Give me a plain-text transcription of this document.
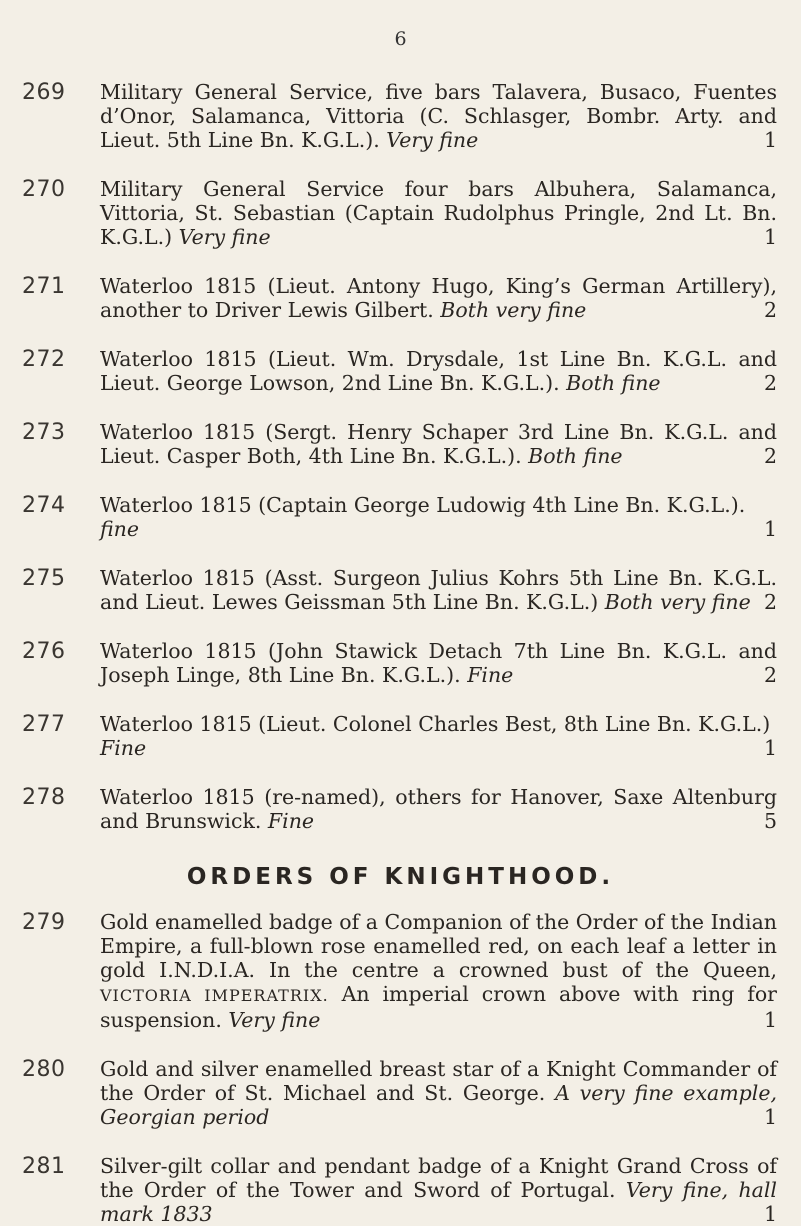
6
269 Military General Service, five bars Talavera, Busaco, Fuentes d’Onor, Salamanca, Vittoria (C. Schlasger, Bombr. Arty. and Lieut. 5th Line Bn. K.G.L.). Very fine	1
270 Military General Service four bars Albuhera, Salamanca, Vittoria, St. Sebastian (Captain Rudolphus Pringle, 2nd Lt. Bn. K.G.L.) Very fine	1
271 Waterloo 1815 (Lieut. Antony Hugo, King’s German Artillery), another to Driver Lewis Gilbert. Both very fine	2
272 Waterloo 1815 (Lieut. Wm. Drysdale, 1st Line Bn. K.G.L. and Lieut. George Lowson, 2nd Line Bn. K.G.L.). Both fine	2
273 Waterloo 1815 (Sergt. Henry Schaper 3rd Line Bn. K.G.L. and Lieut. Casper Both, 4th Line Bn. K.G.L.). Both fine	2
274 Waterloo 1815 (Captain George Ludowig 4th Line Bn. K.G.L.).
fine	1
275 Waterloo 1815 (Asst. Surgeon Julius Kohrs 5th Line Bn. K.G.L. and Lieut. Lewes Geissman 5th Line Bn. K.G.L.) Both very fine 2
276 Waterloo 1815 (John Stawick Detach 7th Line Bn. K.G.L. and Joseph Linge, 8th Line Bn. K.G.L.). Fine	2
277 Waterloo 1815 (Lieut. Colonel Charles Best, 8th Line Bn. K.G.L.)
Fine	1
278 Waterloo 1815 (re-named), others for Hanover, Saxe Altenburg and Brunswick. Fine	5
ORDERS OF KNIGHTHOOD.
279 Gold enamelled badge of a Companion of the Order of the Indian Empire, a full-blown rose enamelled red, on each leaf a letter in gold I.N.D.I.A. In the centre a crowned bust of the Queen, VICTORIA IMPERATRIX. An imperial crown above with ring for suspension. Very fine	1
280 Gold and silver enamelled breast star of a Knight Commander of the Order of St. Michael and St. George. A very fine example, Georgian period	1
281 Silver-gilt collar and pendant badge of a Knight Grand Cross of the Order of the Tower and Sword of Portugal. Very fine, hall mark 1833	1
